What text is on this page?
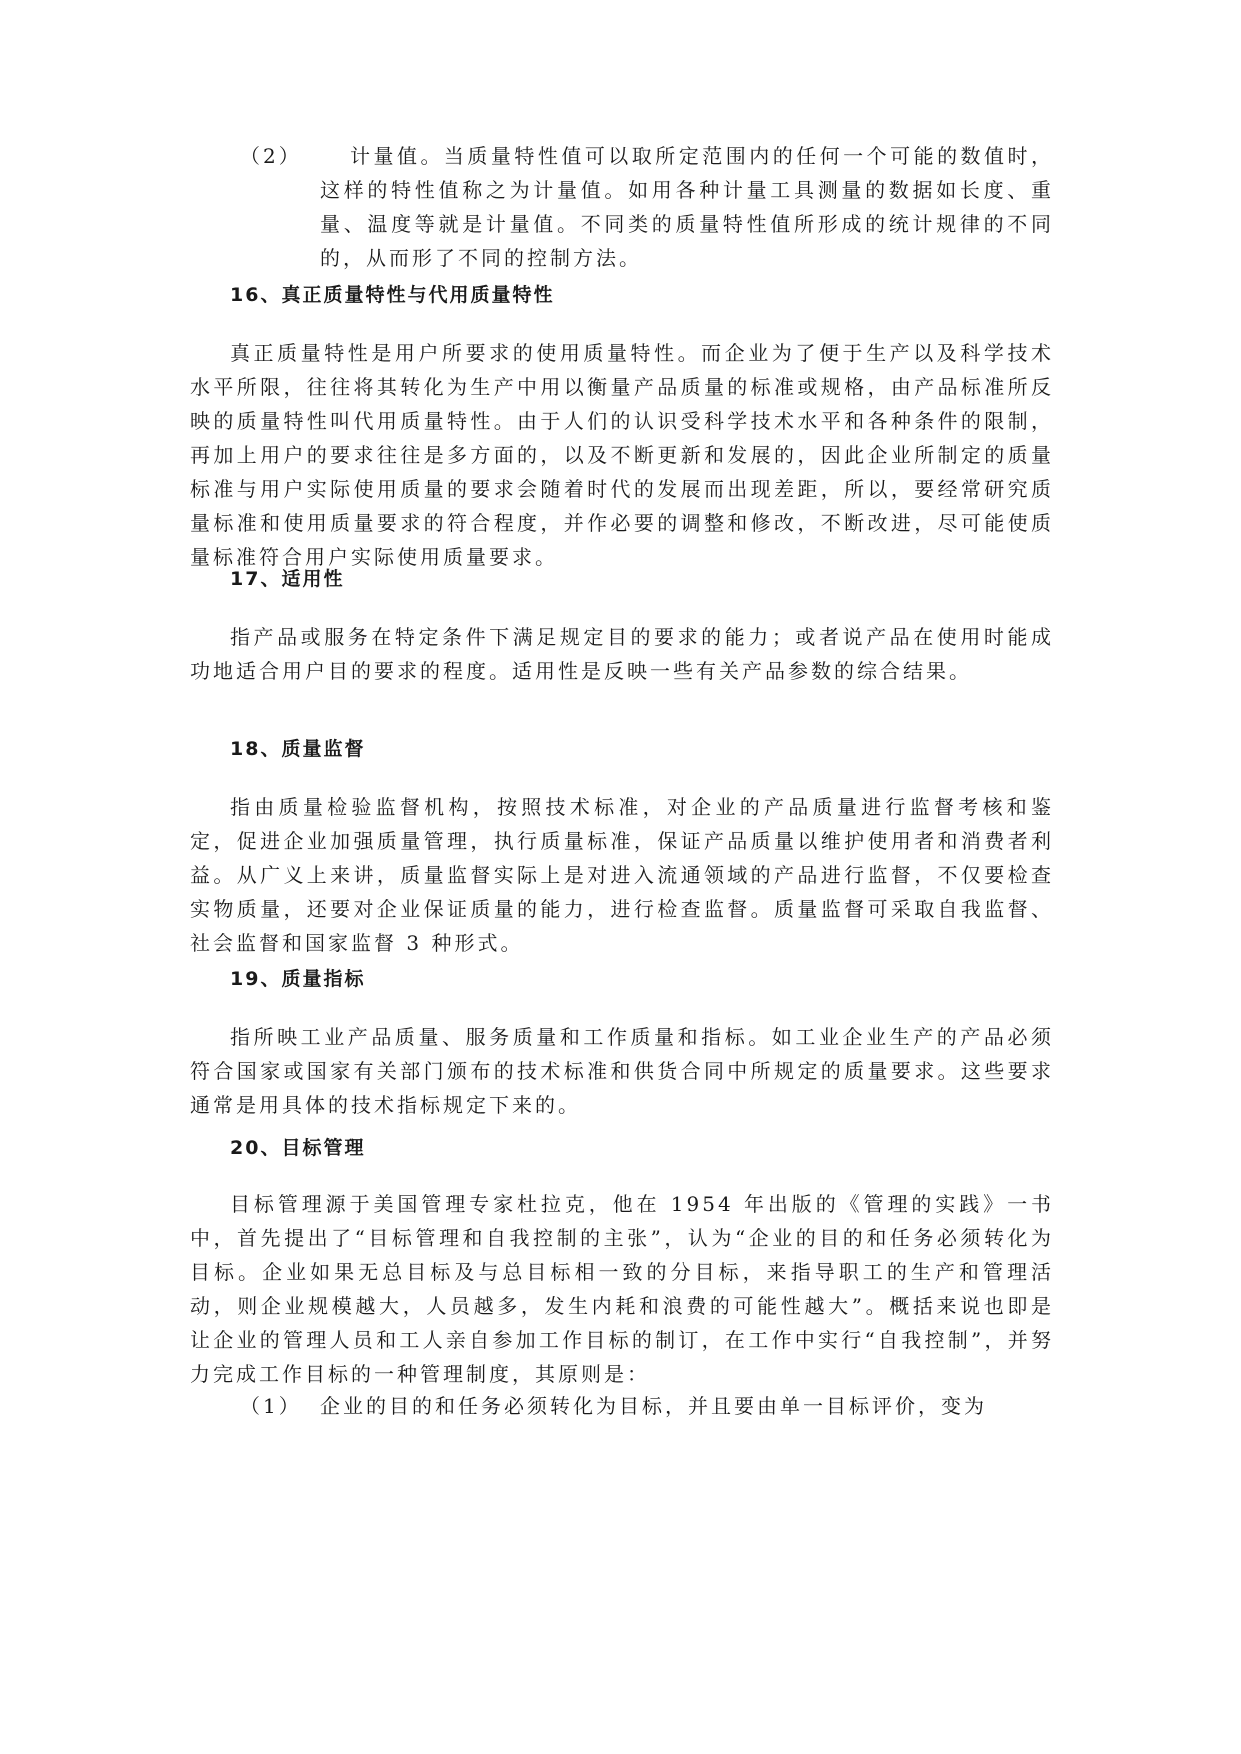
（2）	计量值。当质量特性值可以取所定范围内的任何一个可能的数值时，这样的特性值称之为计量值。如用各种计量工具测量的数据如长度、重量、温度等就是计量值。不同类的质量特性值所形成的统计规律的不同的，从而形了不同的控制方法。
16、真正质量特性与代用质量特性

真正质量特性是用户所要求的使用质量特性。而企业为了便于生产以及科学技术水平所限，往往将其转化为生产中用以衡量产品质量的标准或规格，由产品标准所反映的质量特性叫代用质量特性。由于人们的认识受科学技术水平和各种条件的限制，再加上用户的要求往往是多方面的，以及不断更新和发展的，因此企业所制定的质量标准与用户实际使用质量的要求会随着时代的发展而出现差距，所以，要经常研究质量标准和使用质量要求的符合程度，并作必要的调整和修改，不断改进，尽可能使质量标准符合用户实际使用质量要求。

17、适用性

指产品或服务在特定条件下满足规定目的要求的能力；或者说产品在使用时能成功地适合用户目的要求的程度。适用性是反映一些有关产品参数的综合结果。

18、质量监督

指由质量检验监督机构，按照技术标准，对企业的产品质量进行监督考核和鉴定，促进企业加强质量管理，执行质量标准，保证产品质量以维护使用者和消费者利益。从广义上来讲，质量监督实际上是对进入流通领域的产品进行监督，不仅要检查实物质量，还要对企业保证质量的能力，进行检查监督。质量监督可采取自我监督、社会监督和国家监督 3 种形式。

19、质量指标

指所映工业产品质量、服务质量和工作质量和指标。如工业企业生产的产品必须符合国家或国家有关部门颁布的技术标准和供货合同中所规定的质量要求。这些要求通常是用具体的技术指标规定下来的。

20、目标管理

目标管理源于美国管理专家杜拉克，他在 1954 年出版的《管理的实践》一书中，首先提出了“目标管理和自我控制的主张”，认为“企业的目的和任务必须转化为目标。企业如果无总目标及与总目标相一致的分目标，来指导职工的生产和管理活动，则企业规模越大，人员越多，发生内耗和浪费的可能性越大”。概括来说也即是让企业的管理人员和工人亲自参加工作目标的制订，在工作中实行“自我控制”，并努力完成工作目标的一种管理制度，其原则是：

（1） 企业的目的和任务必须转化为目标，并且要由单一目标评价，变为
